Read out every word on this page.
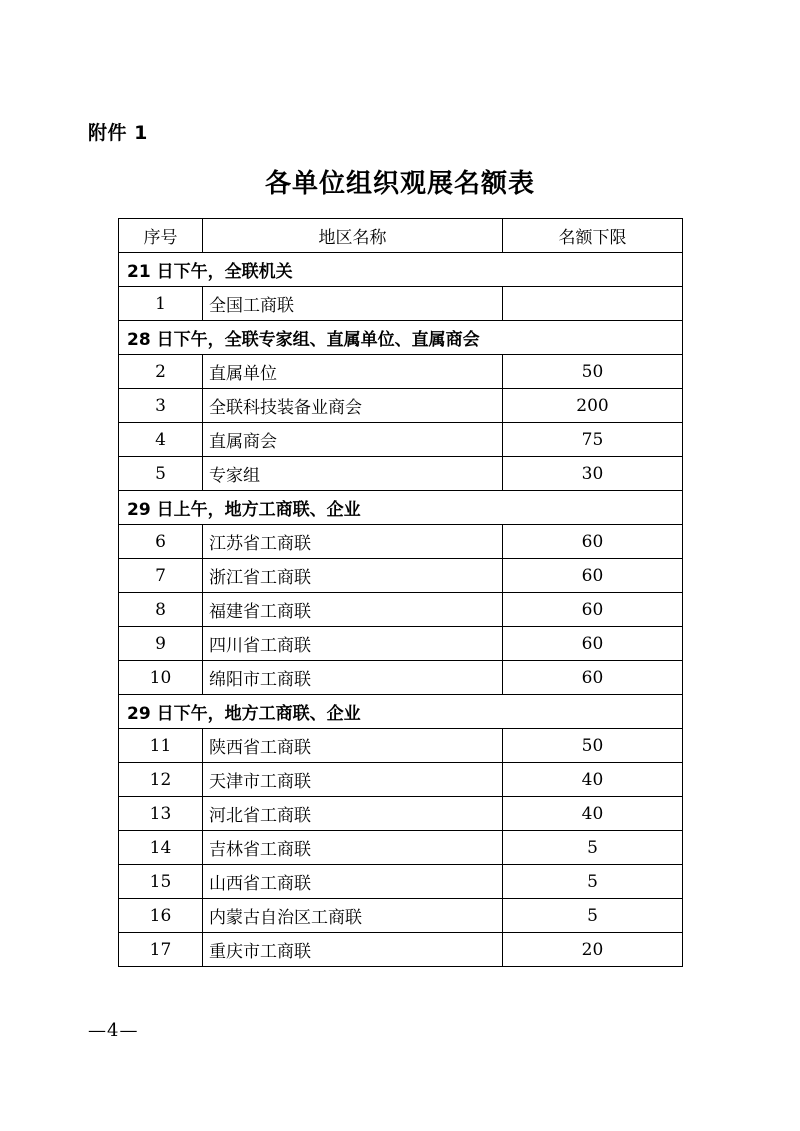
附件 1
各单位组织观展名额表
序号	地区名称	名额下限
21 日下午，全联机关		
1	全国工商联	
28 日下午，全联专家组、直属单位、直属商会		
2	直属单位	50
3	全联科技装备业商会	200
4	直属商会	75
5	专家组	30
29 日上午，地方工商联、企业		
6	江苏省工商联	60
7	浙江省工商联	60
8	福建省工商联	60
9	四川省工商联	60
10	绵阳市工商联	60
29 日下午，地方工商联、企业		
11	陕西省工商联	50
12	天津市工商联	40
13	河北省工商联	40
14	吉林省工商联	5
15	山西省工商联	5
16	内蒙古自治区工商联	5
17	重庆市工商联	20
—4—
